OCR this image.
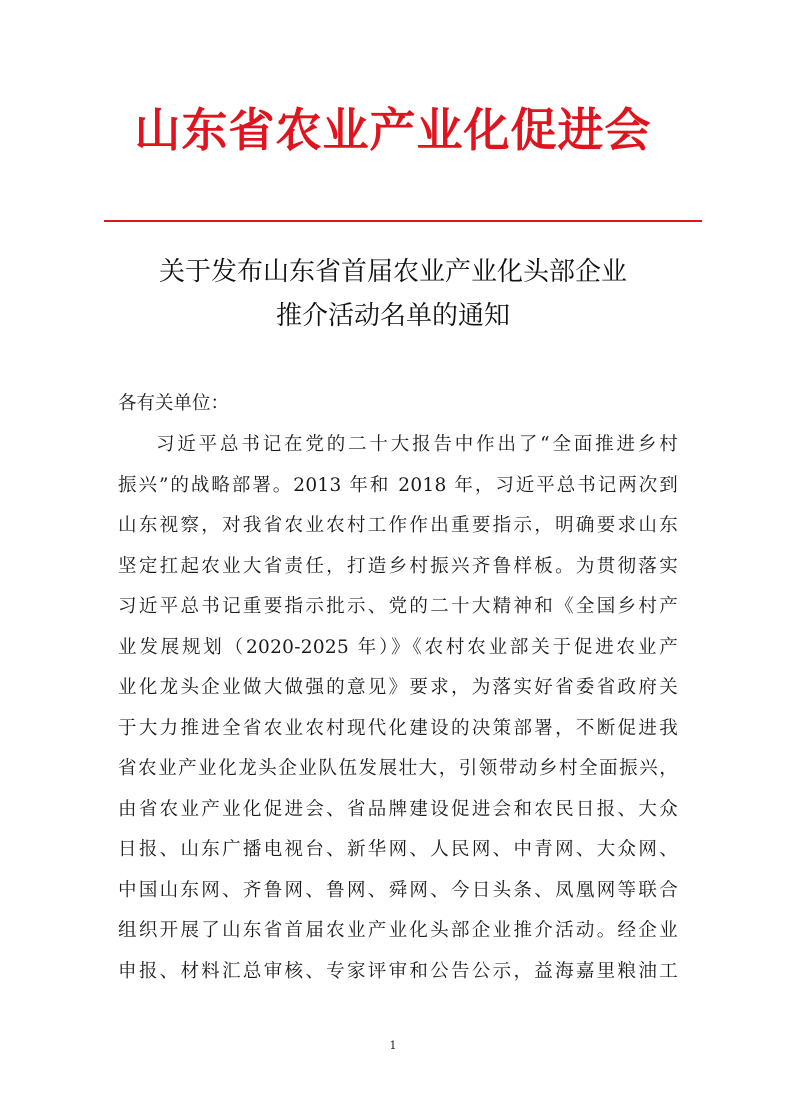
山东省农业产业化促进会
关于发布山东省首届农业产业化头部企业
推介活动名单的通知
各有关单位：
习近平总书记在党的二十大报告中作出了“全面推进乡村
振兴”的战略部署。2013 年和 2018 年，习近平总书记两次到
山东视察，对我省农业农村工作作出重要指示，明确要求山东
坚定扛起农业大省责任，打造乡村振兴齐鲁样板。为贯彻落实
习近平总书记重要指示批示、党的二十大精神和《全国乡村产
业发展规划（2020-2025 年）》《农村农业部关于促进农业产
业化龙头企业做大做强的意见》要求，为落实好省委省政府关
于大力推进全省农业农村现代化建设的决策部署，不断促进我
省农业产业化龙头企业队伍发展壮大，引领带动乡村全面振兴，
由省农业产业化促进会、省品牌建设促进会和农民日报、大众
日报、山东广播电视台、新华网、人民网、中青网、大众网、
中国山东网、齐鲁网、鲁网、舜网、今日头条、凤凰网等联合
组织开展了山东省首届农业产业化头部企业推介活动。经企业
申报、材料汇总审核、专家评审和公告公示，益海嘉里粮油工
1
